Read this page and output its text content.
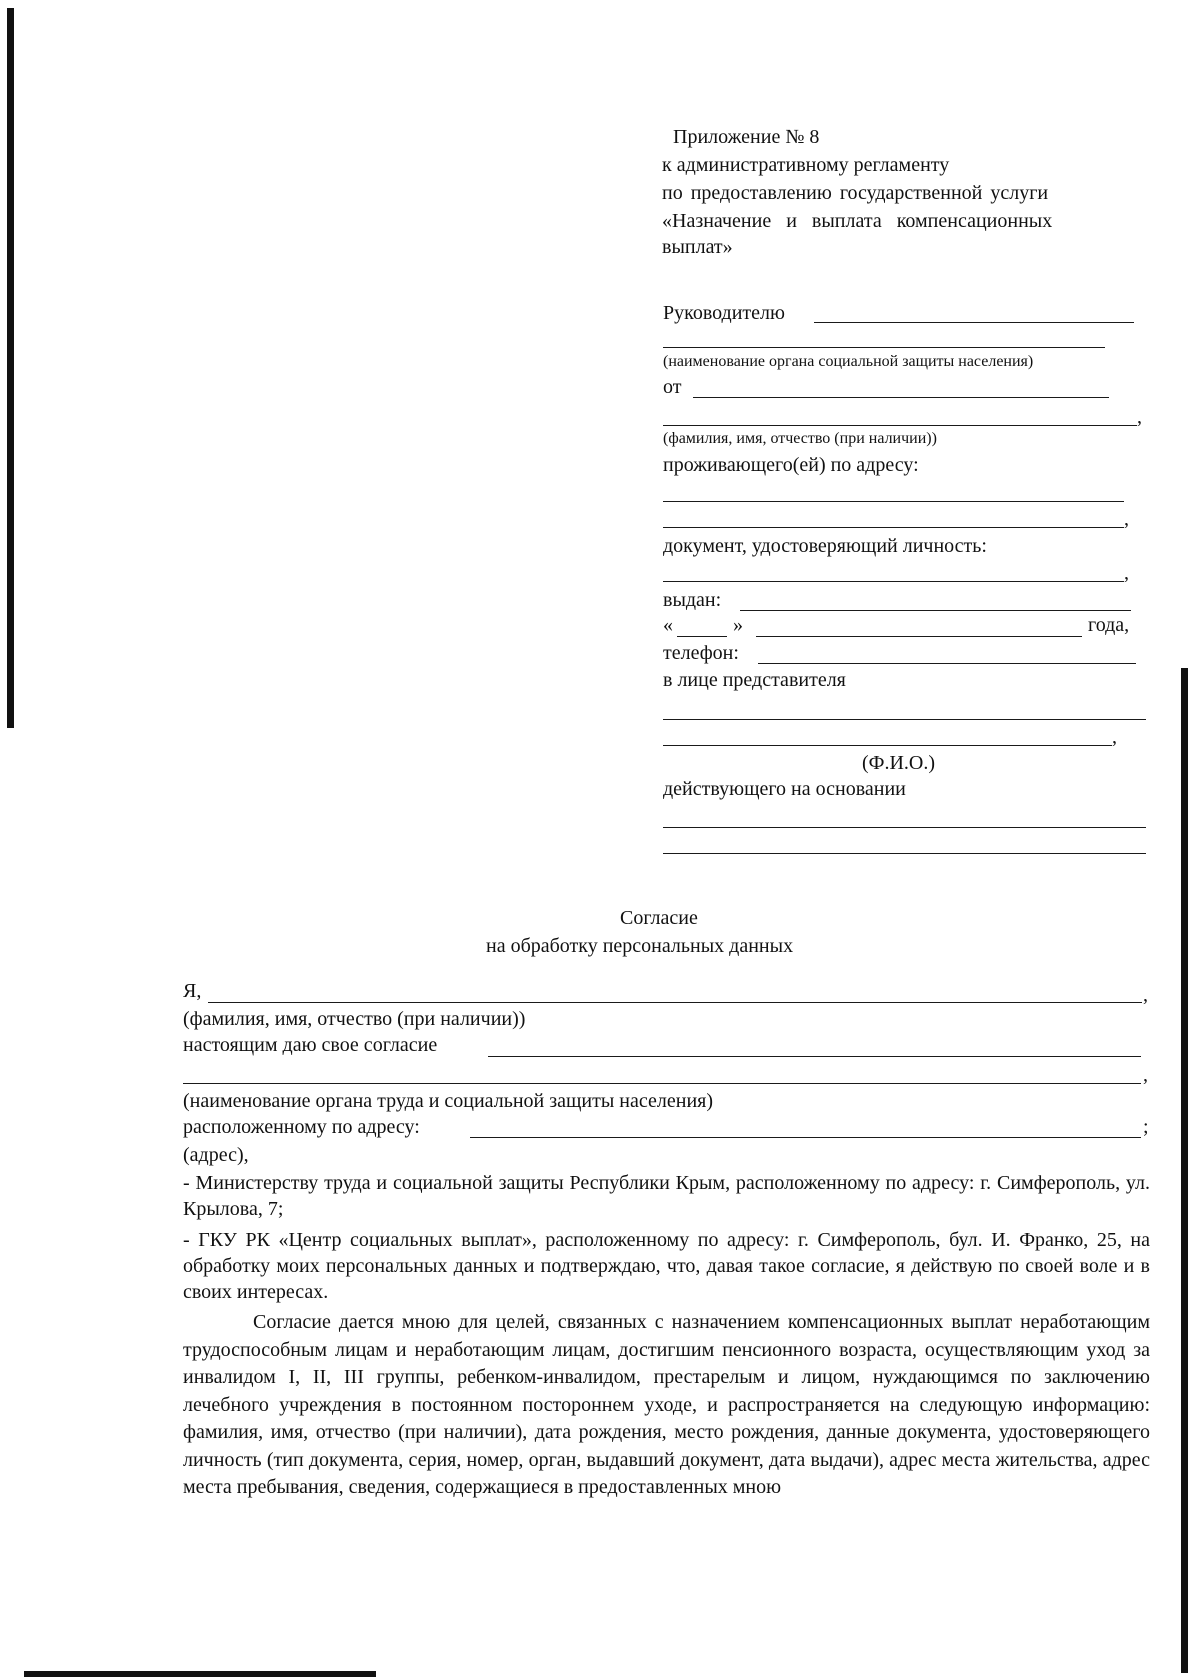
Приложение № 8
к административному регламенту
по предоставлению государственной услуги
«Назначение и выплата компенсационных
выплат»
Руководителю
(наименование органа социальной защиты населения)
от
,
(фамилия, имя, отчество (при наличии))
проживающего(ей) по адресу:
,
документ, удостоверяющий личность:
,
выдан:
«	»	года,
телефон:
в лице представителя
,
(Ф.И.О.)
действующего на основании
Согласие
на обработку персональных данных
Я,	,
(фамилия, имя, отчество (при наличии))
настоящим даю свое согласие
,
(наименование органа труда и социальной защиты населения)
расположенному по адресу:	;
(адрес),
- Министерству труда и социальной защиты Республики Крым, расположенному по адресу: г. Симферополь, ул. Крылова, 7;
- ГКУ РК «Центр социальных выплат», расположенному по адресу: г. Симферополь, бул. И. Франко, 25, на обработку моих персональных данных и подтверждаю, что, давая такое согласие, я действую по своей воле и в своих интересах.
Согласие дается мною для целей, связанных с назначением компенсационных выплат неработающим трудоспособным лицам и неработающим лицам, достигшим пенсионного возраста, осуществляющим уход за инвалидом I, II, III группы, ребенком-инвалидом, престарелым и лицом, нуждающимся по заключению лечебного учреждения в постоянном постороннем уходе, и распространяется на следующую информацию: фамилия, имя, отчество (при наличии), дата рождения, место рождения, данные документа, удостоверяющего личность (тип документа, серия, номер, орган, выдавший документ, дата выдачи), адрес места жительства, адрес места пребывания, сведения, содержащиеся в предоставленных мною
